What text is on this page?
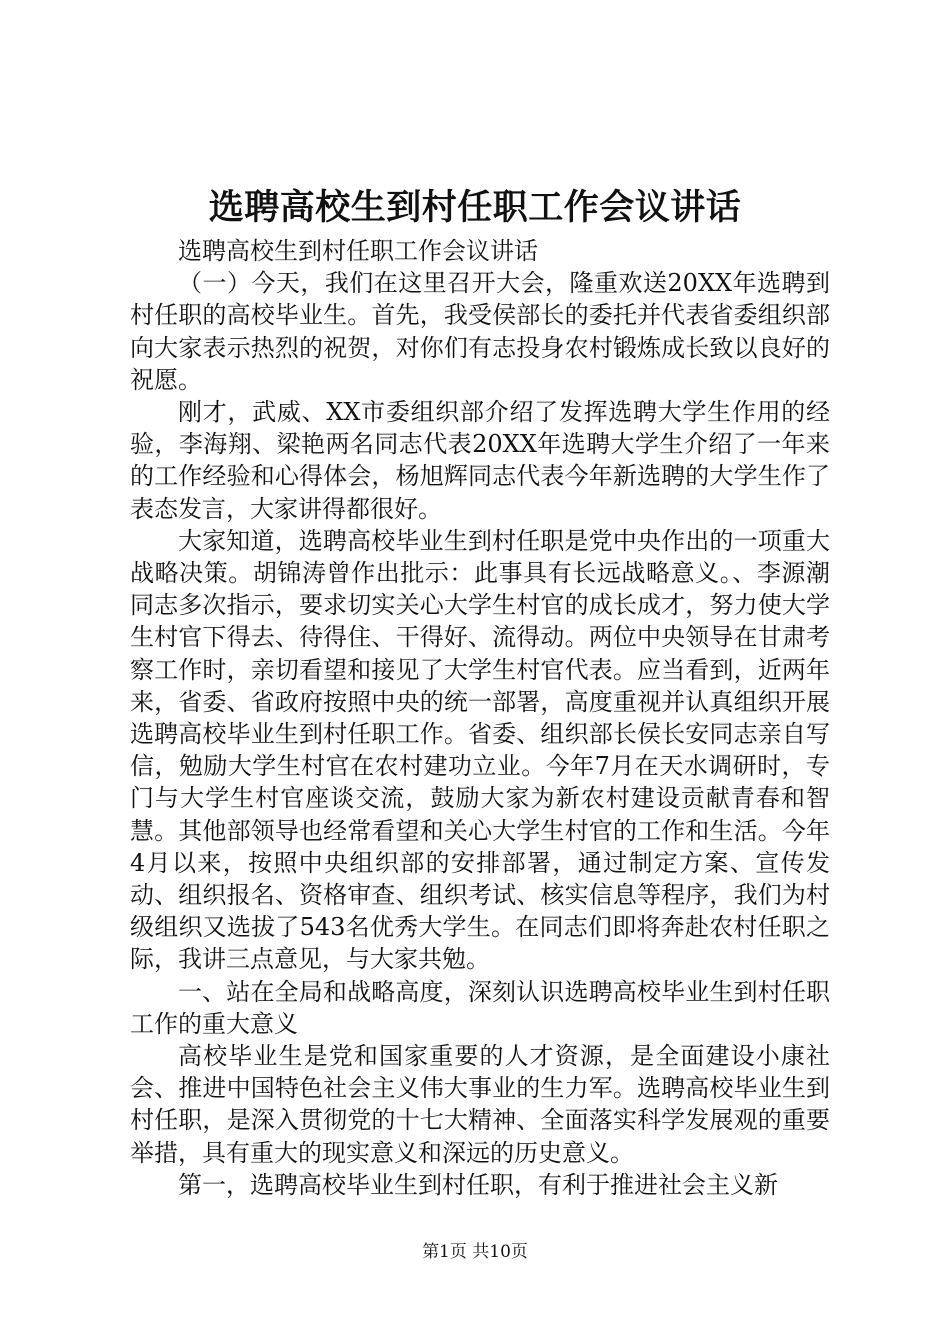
选聘高校生到村任职工作会议讲话

选聘高校生到村任职工作会议讲话

（一）今天，我们在这里召开大会，隆重欢送20XX年选聘到村任职的高校毕业生。首先，我受侯部长的委托并代表省委组织部向大家表示热烈的祝贺，对你们有志投身农村锻炼成长致以良好的祝愿。

刚才，武威、XX市委组织部介绍了发挥选聘大学生作用的经验，李海翔、梁艳两名同志代表20XX年选聘大学生介绍了一年来的工作经验和心得体会，杨旭辉同志代表今年新选聘的大学生作了表态发言，大家讲得都很好。

大家知道，选聘高校毕业生到村任职是党中央作出的一项重大战略决策。胡锦涛曾作出批示：此事具有长远战略意义。、李源潮同志多次指示，要求切实关心大学生村官的成长成才，努力使大学生村官下得去、待得住、干得好、流得动。两位中央领导在甘肃考察工作时，亲切看望和接见了大学生村官代表。应当看到，近两年来，省委、省政府按照中央的统一部署，高度重视并认真组织开展选聘高校毕业生到村任职工作。省委、组织部长侯长安同志亲自写信，勉励大学生村官在农村建功立业。今年7月在天水调研时，专门与大学生村官座谈交流，鼓励大家为新农村建设贡献青春和智慧。其他部领导也经常看望和关心大学生村官的工作和生活。今年4月以来，按照中央组织部的安排部署，通过制定方案、宣传发动、组织报名、资格审查、组织考试、核实信息等程序，我们为村级组织又选拔了543名优秀大学生。在同志们即将奔赴农村任职之际，我讲三点意见，与大家共勉。

一、站在全局和战略高度，深刻认识选聘高校毕业生到村任职工作的重大意义

高校毕业生是党和国家重要的人才资源，是全面建设小康社会、推进中国特色社会主义伟大事业的生力军。选聘高校毕业生到村任职，是深入贯彻党的十七大精神、全面落实科学发展观的重要举措，具有重大的现实意义和深远的历史意义。

第一，选聘高校毕业生到村任职，有利于推进社会主义新

第1页 共10页
